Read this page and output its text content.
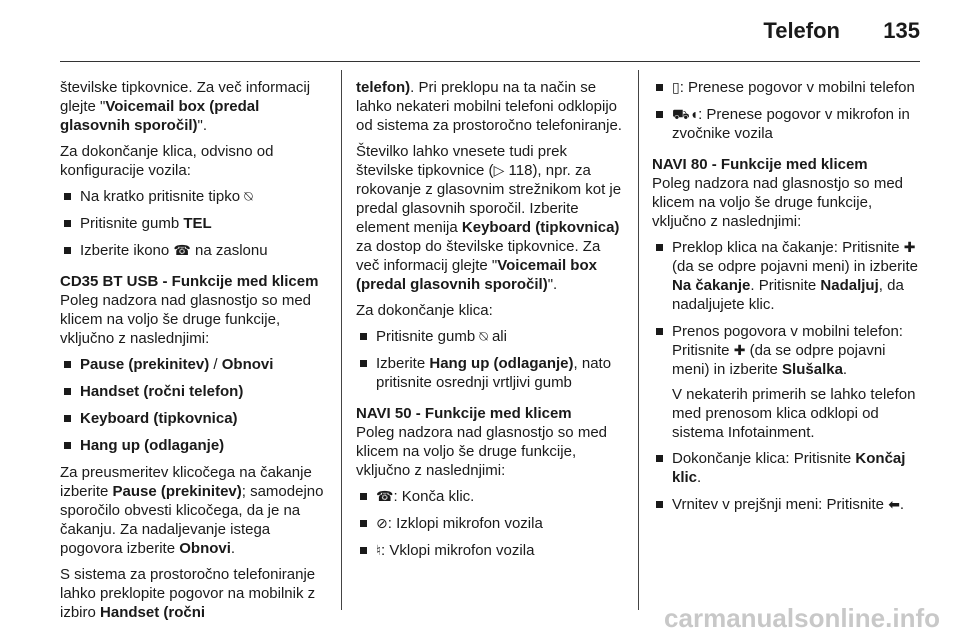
Telefon 135

številske tipkovnice. Za več informacij glejte "Voicemail box (predal glasovnih sporočil)".

Za dokončanje klica, odvisno od konfiguracije vozila:

Na kratko pritisnite tipko ⍉
Pritisnite gumb TEL
Izberite ikono ☎ na zaslonu

CD35 BT USB - Funkcije med klicem

Poleg nadzora nad glasnostjo so med klicem na voljo še druge funkcije, vključno z naslednjimi:

Pause (prekinitev) / Obnovi
Handset (ročni telefon)
Keyboard (tipkovnica)
Hang up (odlaganje)

Za preusmeritev klicočega na čakanje izberite Pause (prekinitev); samodejno sporočilo obvesti klicočega, da je na čakanju. Za nadaljevanje istega pogovora izberite Obnovi.

S sistema za prostoročno telefoniranje lahko preklopite pogovor na mobilnik z izbiro Handset (ročni

telefon). Pri preklopu na ta način se lahko nekateri mobilni telefoni odklopijo od sistema za prostoročno telefoniranje.

Številko lahko vnesete tudi prek številske tipkovnice (▷ 118), npr. za rokovanje z glasovnim strežnikom kot je predal glasovnih sporočil. Izberite element menija Keyboard (tipkovnica) za dostop do številske tipkovnice. Za več informacij glejte "Voicemail box (predal glasovnih sporočil)".

Za dokončanje klica:

Pritisnite gumb ⍉ ali
Izberite Hang up (odlaganje), nato pritisnite osrednji vrtljivi gumb

NAVI 50 - Funkcije med klicem

Poleg nadzora nad glasnostjo so med klicem na voljo še druge funkcije, vključno z naslednjimi:

☎: Konča klic.
⊘: Izklopi mikrofon vozila
♮: Vklopi mikrofon vozila
▯: Prenese pogovor v mobilni telefon
⛟◖: Prenese pogovor v mikrofon in zvočnike vozila

NAVI 80 - Funkcije med klicem

Poleg nadzora nad glasnostjo so med klicem na voljo še druge funkcije, vključno z naslednjimi:

Preklop klica na čakanje: Pritisnite ✚ (da se odpre pojavni meni) in izberite Na čakanje. Pritisnite Nadaljuj, da nadaljujete klic.
Prenos pogovora v mobilni telefon: Pritisnite ✚ (da se odpre pojavni meni) in izberite Slušalka.

V nekaterih primerih se lahko telefon med prenosom klica odklopi od sistema Infotainment.

Dokončanje klica: Pritisnite Končaj klic.
Vrnitev v prejšnji meni: Pritisnite ⬅.
carmanualsonline.info
